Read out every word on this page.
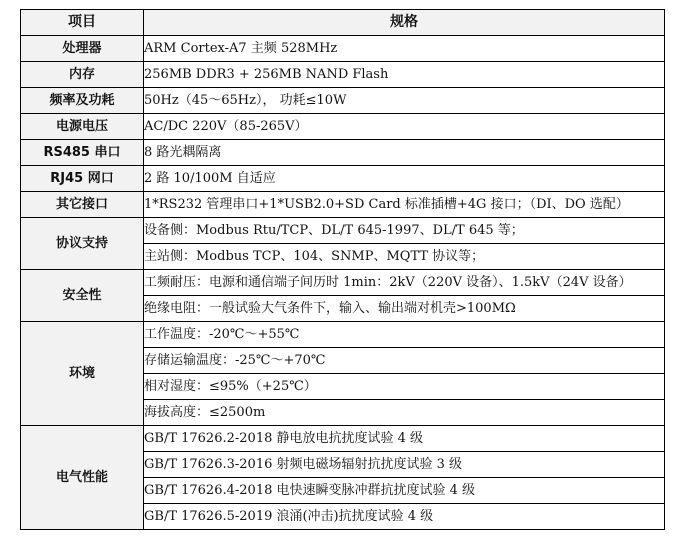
项目	规格
处理器	ARM Cortex-A7 主频 528MHz
内存	256MB DDR3 + 256MB NAND Flash
频率及功耗	50Hz（45～65Hz）， 功耗≤10W
电源电压	AC/DC 220V（85-265V）
RS485 串口	8 路光耦隔离
RJ45 网口	2 路 10/100M 自适应
其它接口	1*RS232 管理串口+1*USB2.0+SD Card 标准插槽+4G 接口；（DI、DO 选配）
协议支持	设备侧：Modbus Rtu/TCP、DL/T 645-1997、DL/T 645 等；
	主站侧：Modbus TCP、104、SNMP、MQTT 协议等；
安全性	工频耐压：电源和通信端子间历时 1min：2kV（220V 设备）、1.5kV（24V 设备）
	绝缘电阻：一般试验大气条件下，输入、输出端对机壳>100MΩ
环境	工作温度：-20℃～+55℃
	存储运输温度：-25℃～+70℃
	相对湿度：≤95%（+25℃）
	海拔高度：≤2500m
电气性能	GB/T 17626.2-2018 静电放电抗扰度试验 4 级
	GB/T 17626.3-2016 射频电磁场辐射抗扰度试验 3 级
	GB/T 17626.4-2018 电快速瞬变脉冲群抗扰度试验 4 级
	GB/T 17626.5-2019 浪涌(冲击)抗扰度试验 4 级
